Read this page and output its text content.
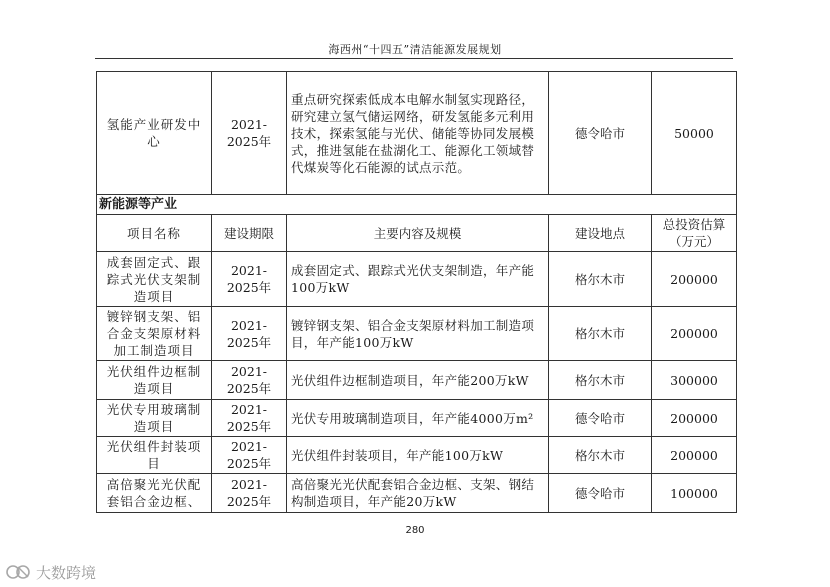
海西州“十四五”清洁能源发展规划
氢能产业研发中心	2021-2025年	重点研究探索低成本电解水制氢实现路径，研究建立氢气储运网络，研发氢能多元利用技术，探索氢能与光伏、储能等协同发展模式，推进氢能在盐湖化工、能源化工领域替代煤炭等化石能源的试点示范。	德令哈市	50000
新能源等产业				
项目名称	建设期限	主要内容及规模	建设地点	总投资估算（万元）
成套固定式、跟踪式光伏支架制造项目	2021-2025年	成套固定式、跟踪式光伏支架制造，年产能100万kW	格尔木市	200000
镀锌钢支架、铝合金支架原材料加工制造项目	2021-2025年	镀锌钢支架、铝合金支架原材料加工制造项目，年产能100万kW	格尔木市	200000
光伏组件边框制造项目	2021-2025年	光伏组件边框制造项目，年产能200万kW	格尔木市	300000
光伏专用玻璃制造项目	2021-2025年	光伏专用玻璃制造项目，年产能4000万m²	德令哈市	200000
光伏组件封装项目	2021-2025年	光伏组件封装项目，年产能100万kW	格尔木市	200000
高倍聚光光伏配套铝合金边框、	2021-2025年	高倍聚光光伏配套铝合金边框、支架、钢结构制造项目，年产能20万kW	德令哈市	100000
280
大数跨境
